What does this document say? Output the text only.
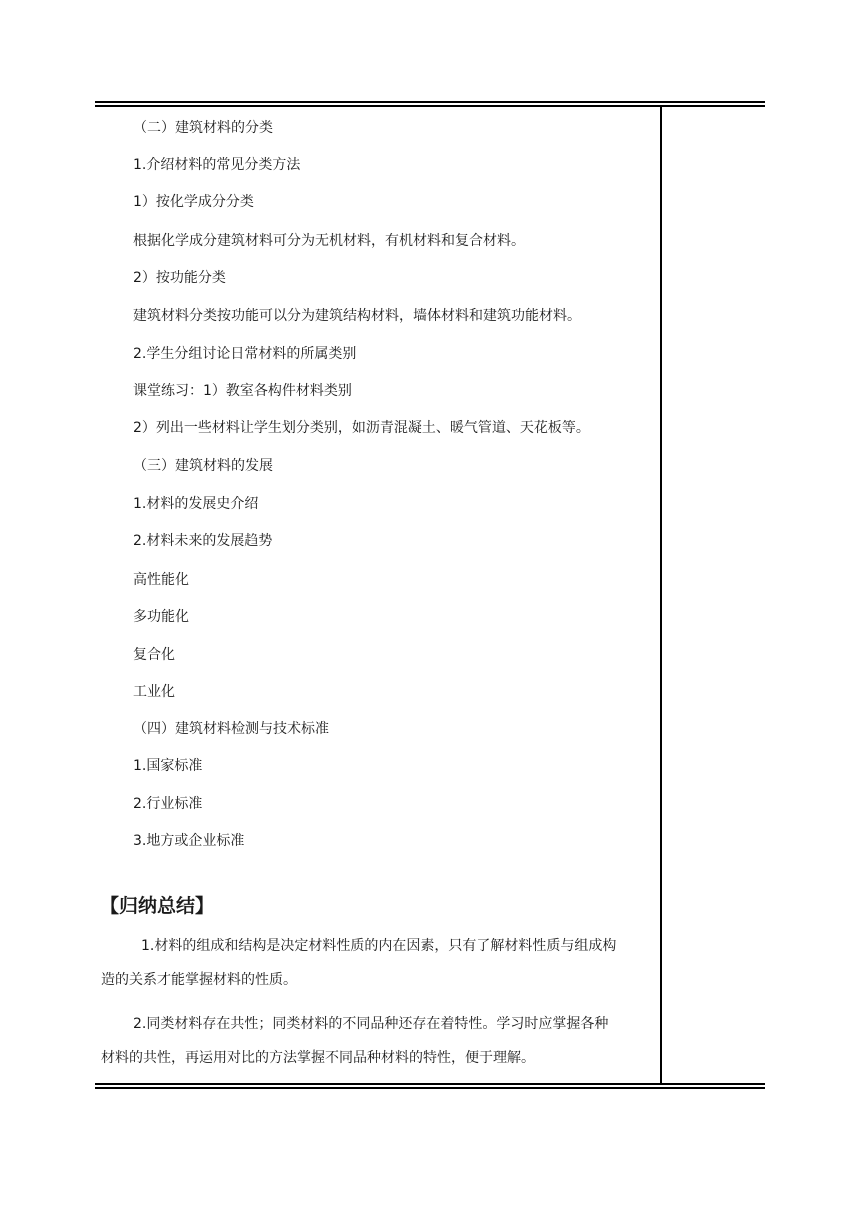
（二）建筑材料的分类
1.介绍材料的常见分类方法
1）按化学成分分类
根据化学成分建筑材料可分为无机材料，有机材料和复合材料。
2）按功能分类
建筑材料分类按功能可以分为建筑结构材料，墙体材料和建筑功能材料。
2.学生分组讨论日常材料的所属类别
课堂练习：1）教室各构件材料类别
2）列出一些材料让学生划分类别，如沥青混凝土、暖气管道、天花板等。
（三）建筑材料的发展
1.材料的发展史介绍
2.材料未来的发展趋势
高性能化
多功能化
复合化
工业化
（四）建筑材料检测与技术标准
1.国家标准
2.行业标准
3.地方或企业标准
【归纳总结】
1.材料的组成和结构是决定材料性质的内在因素，只有了解材料性质与组成构
造的关系才能掌握材料的性质。
2.同类材料存在共性；同类材料的不同品种还存在着特性。学习时应掌握各种
材料的共性，再运用对比的方法掌握不同品种材料的特性，便于理解。
